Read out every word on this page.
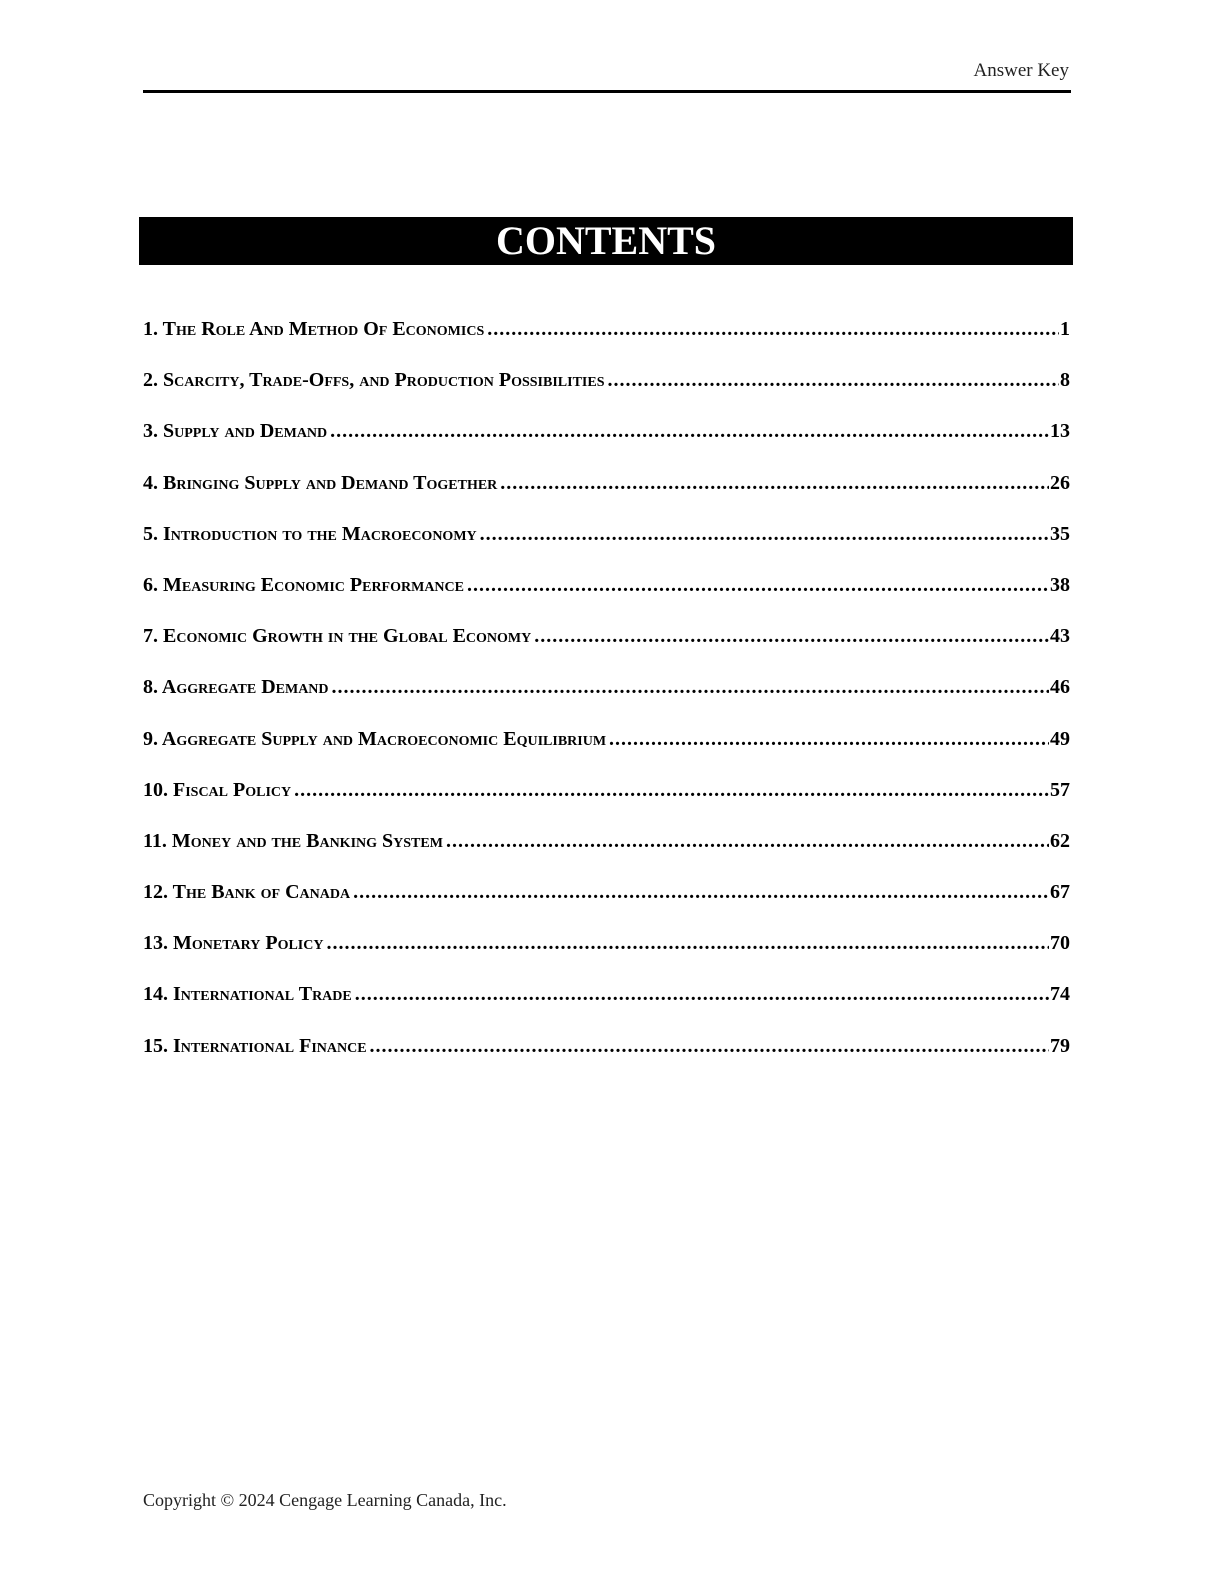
Answer Key
CONTENTS
1. The Role And Method Of Economics .....	1
2. Scarcity, Trade-Offs, and Production Possibilities .....	8
3. Supply and Demand .....	13
4. Bringing Supply and Demand Together .....	26
5. Introduction to the Macroeconomy .....	35
6. Measuring Economic Performance .....	38
7. Economic Growth in the Global Economy .....	43
8. Aggregate Demand .....	46
9. Aggregate Supply and Macroeconomic Equilibrium .....	49
10. Fiscal Policy .....	57
11. Money and the Banking System .....	62
12. The Bank of Canada .....	67
13. Monetary Policy .....	70
14. International Trade .....	74
15. International Finance .....	79
Copyright © 2024 Cengage Learning Canada, Inc.
